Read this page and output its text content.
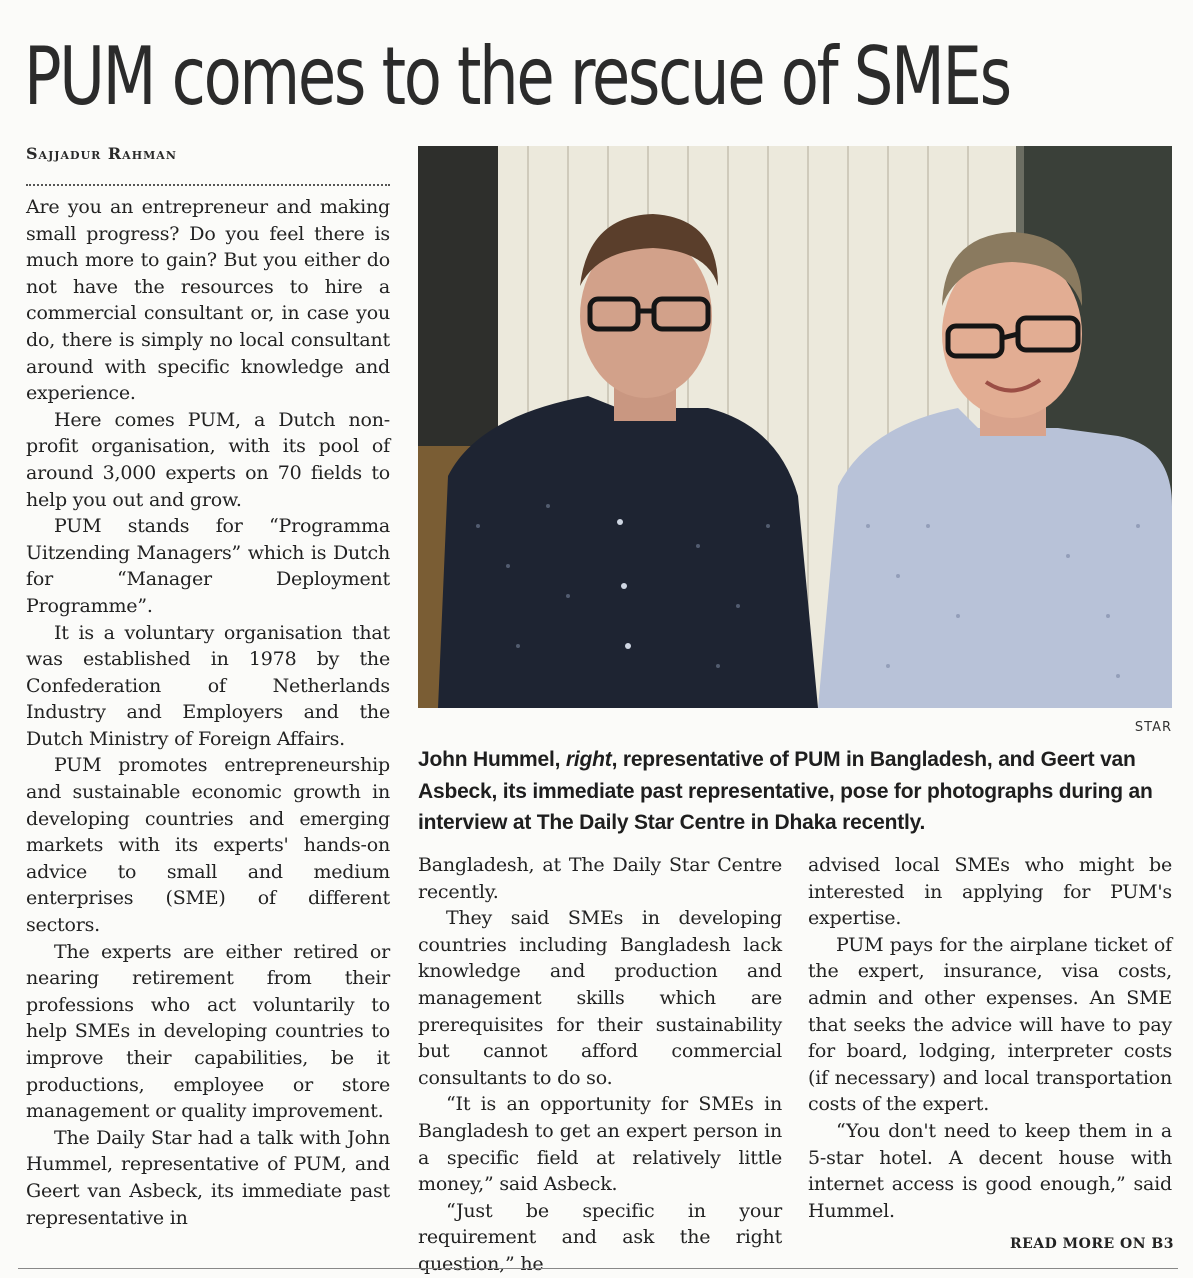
PUM comes to the rescue of SMEs
Sajjadur Rahman

Are you an entrepreneur and making small progress? Do you feel there is much more to gain? But you either do not have the resources to hire a commercial consultant or, in case you do, there is simply no local consultant around with specific knowledge and experience.

Here comes PUM, a Dutch non-profit organisation, with its pool of around 3,000 experts on 70 fields to help you out and grow.

PUM stands for “Programma Uitzending Managers” which is Dutch for “Manager Deployment Programme”.

It is a voluntary organisation that was established in 1978 by the Confederation of Netherlands Industry and Employers and the Dutch Ministry of Foreign Affairs.

PUM promotes entrepreneurship and sustainable economic growth in developing countries and emerging markets with its experts' hands-on advice to small and medium enterprises (SME) of different sectors.

The experts are either retired or nearing retirement from their professions who act voluntarily to help SMEs in developing countries to improve their capabilities, be it productions, employee or store management or quality improvement.

The Daily Star had a talk with John Hummel, representative of PUM, and Geert van Asbeck, its immediate past representative in

STAR
John Hummel, right, representative of PUM in Bangladesh, and Geert van Asbeck, its immediate past representative, pose for photographs during an interview at The Daily Star Centre in Dhaka recently.

Bangladesh, at The Daily Star Centre recently.

They said SMEs in developing countries including Bangladesh lack knowledge and production and management skills which are prerequisites for their sustainability but cannot afford commercial consultants to do so.

“It is an opportunity for SMEs in Bangladesh to get an expert person in a specific field at relatively little money,” said Asbeck.

“Just be specific in your requirement and ask the right question,” he

advised local SMEs who might be interested in applying for PUM's expertise.

PUM pays for the airplane ticket of the expert, insurance, visa costs, admin and other expenses. An SME that seeks the advice will have to pay for board, lodging, interpreter costs (if necessary) and local transportation costs of the expert.

“You don't need to keep them in a 5-star hotel. A decent house with internet access is good enough,” said Hummel.

READ MORE ON B3
